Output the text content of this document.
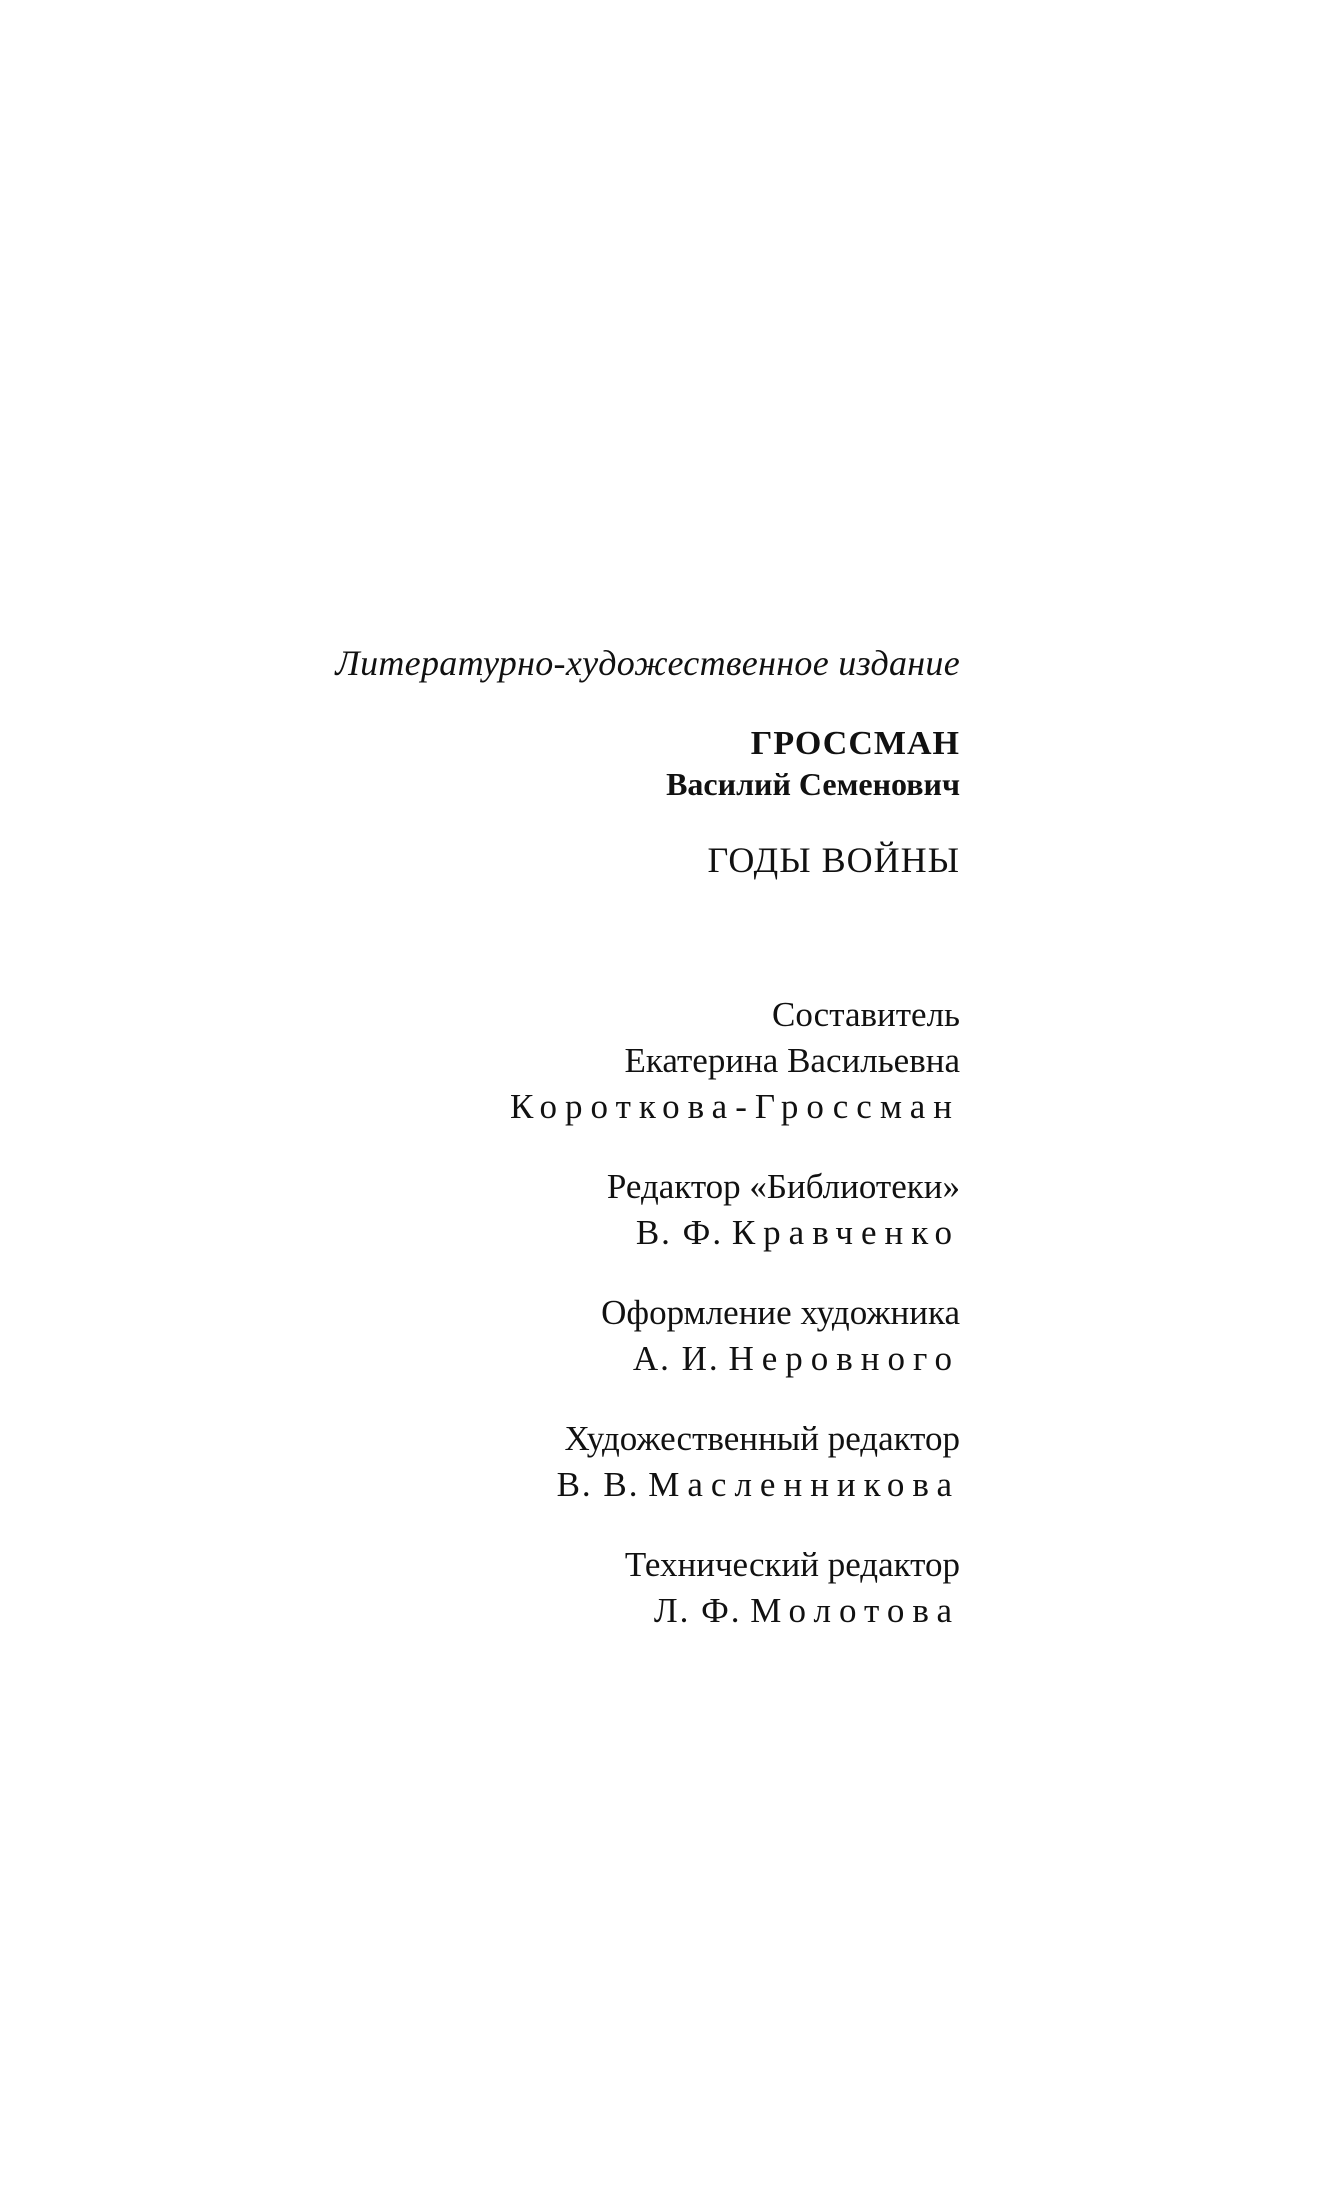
Литературно-художественное издание
ГРОССМАН
Василий Семенович
ГОДЫ ВОЙНЫ
Составитель
Екатерина Васильевна
Короткова-Гроссман
Редактор «Библиотеки»
В. Ф. Кравченко
Оформление художника
А. И. Неровного
Художественный редактор
В. В. Масленникова
Технический редактор
Л. Ф. Молотова
